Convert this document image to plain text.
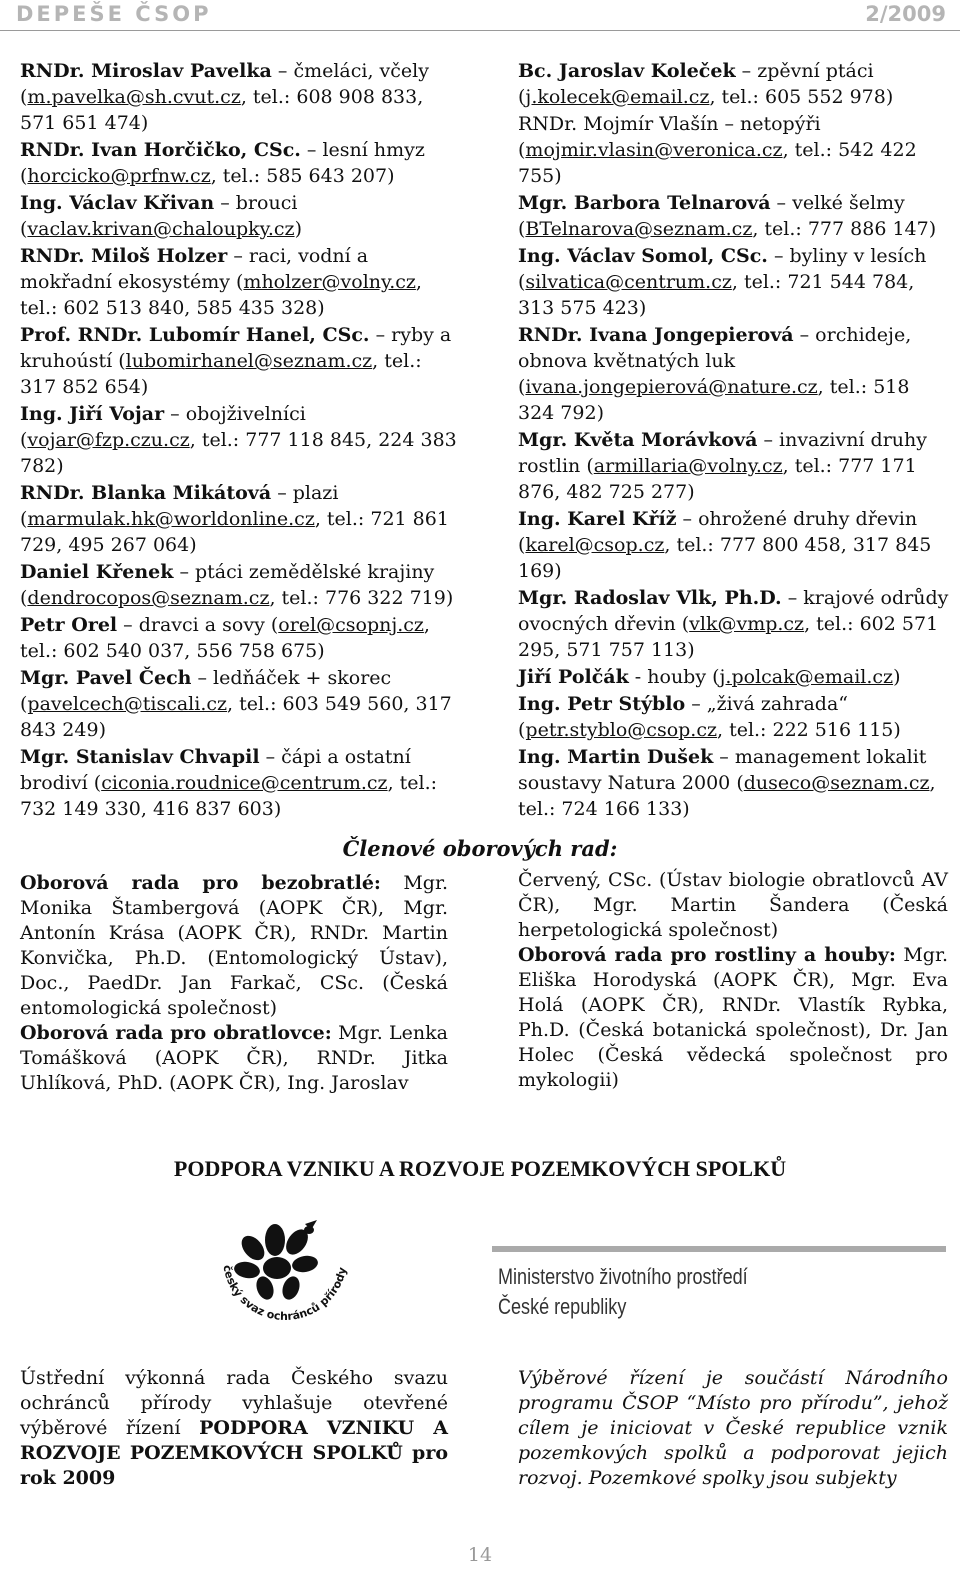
DEPEŠE ČSOP	2/2009
RNDr. Miroslav Pavelka – čmeláci, včely (m.pavelka@sh.cvut.cz, tel.: 608 908 833, 571 651 474)
RNDr. Ivan Horčičko, CSc. – lesní hmyz (horcicko@prfnw.cz, tel.: 585 643 207)
Ing. Václav Křivan – brouci (vaclav.krivan@chaloupky.cz)
RNDr. Miloš Holzer – raci, vodní a mokřadní ekosystémy (mholzer@volny.cz, tel.: 602 513 840, 585 435 328)
Prof. RNDr. Lubomír Hanel, CSc. – ryby a kruhoústí (lubomirhanel@seznam.cz, tel.: 317 852 654)
Ing. Jiří Vojar – obojživelníci (vojar@fzp.czu.cz, tel.: 777 118 845, 224 383 782)
RNDr. Blanka Mikátová – plazi (marmulak.hk@worldonline.cz, tel.: 721 861 729, 495 267 064)
Daniel Křenek – ptáci zemědělské krajiny (dendrocopos@seznam.cz, tel.: 776 322 719)
Petr Orel – dravci a sovy (orel@csopnj.cz, tel.: 602 540 037, 556 758 675)
Mgr. Pavel Čech – ledňáček + skorec (pavelcech@tiscali.cz, tel.: 603 549 560, 317 843 249)
Mgr. Stanislav Chvapil – čápi a ostatní brodiví (ciconia.roudnice@centrum.cz, tel.: 732 149 330, 416 837 603)
Bc. Jaroslav Koleček – zpěvní ptáci (j.kolecek@email.cz, tel.: 605 552 978)
RNDr. Mojmír Vlašín – netopýři (mojmir.vlasin@veronica.cz, tel.: 542 422 755)
Mgr. Barbora Telnarová – velké šelmy (BTelnarova@seznam.cz, tel.: 777 886 147)
Ing. Václav Somol, CSc. – byliny v lesích (silvatica@centrum.cz, tel.: 721 544 784, 313 575 423)
RNDr. Ivana Jongepierová – orchideje, obnova květnatých luk (ivana.jongepierová@nature.cz, tel.: 518 324 792)
Mgr. Květa Morávková – invazivní druhy rostlin (armillaria@volny.cz, tel.: 777 171 876, 482 725 277)
Ing. Karel Kříž – ohrožené druhy dřevin (karel@csop.cz, tel.: 777 800 458, 317 845 169)
Mgr. Radoslav Vlk, Ph.D. – krajové odrůdy ovocných dřevin (vlk@vmp.cz, tel.: 602 571 295, 571 757 113)
Jiří Polčák - houby (j.polcak@email.cz)
Ing. Petr Stýblo – „živá zahrada“ (petr.styblo@csop.cz, tel.: 222 516 115)
Ing. Martin Dušek – management lokalit soustavy Natura 2000 (duseco@seznam.cz, tel.: 724 166 133)
Členové oborových rad:

Oborová rada pro bezobratlé: Mgr. Monika Štambergová (AOPK ČR), Mgr. Antonín Krása (AOPK ČR), RNDr. Martin Konvička, Ph.D. (Entomologický Ústav), Doc., PaedDr. Jan Farkač, CSc. (Česká entomologická společnost)

Oborová rada pro obratlovce: Mgr. Lenka Tomášková (AOPK ČR), RNDr. Jitka Uhlíková, PhD. (AOPK ČR), Ing. Jaroslav

Červený, CSc. (Ústav biologie obratlovců AV ČR), Mgr. Martin Šandera (Česká herpetologická společnost)

Oborová rada pro rostliny a houby: Mgr. Eliška Horodyská (AOPK ČR), Mgr. Eva Holá (AOPK ČR), RNDr. Vlastík Rybka, Ph.D. (Česká botanická společnost), Dr. Jan Holec (Česká vědecká společnost pro mykologii)

PODPORA VZNIKU A ROZVOJE POZEMKOVÝCH SPOLKŮ
český svaz ochránců přírody	Ministerstvo životního prostředí
České republiky
Ústřední výkonná rada Českého svazu ochránců přírody vyhlašuje otevřené výběrové řízení PODPORA VZNIKU A ROZVOJE POZEMKOVÝCH SPOLKŮ pro rok 2009
Výběrové řízení je součástí Národního programu ČSOP “Místo pro přírodu”, jehož cílem je iniciovat v České republice vznik pozemkových spolků a podporovat jejich rozvoj. Pozemkové spolky jsou subjekty
14
